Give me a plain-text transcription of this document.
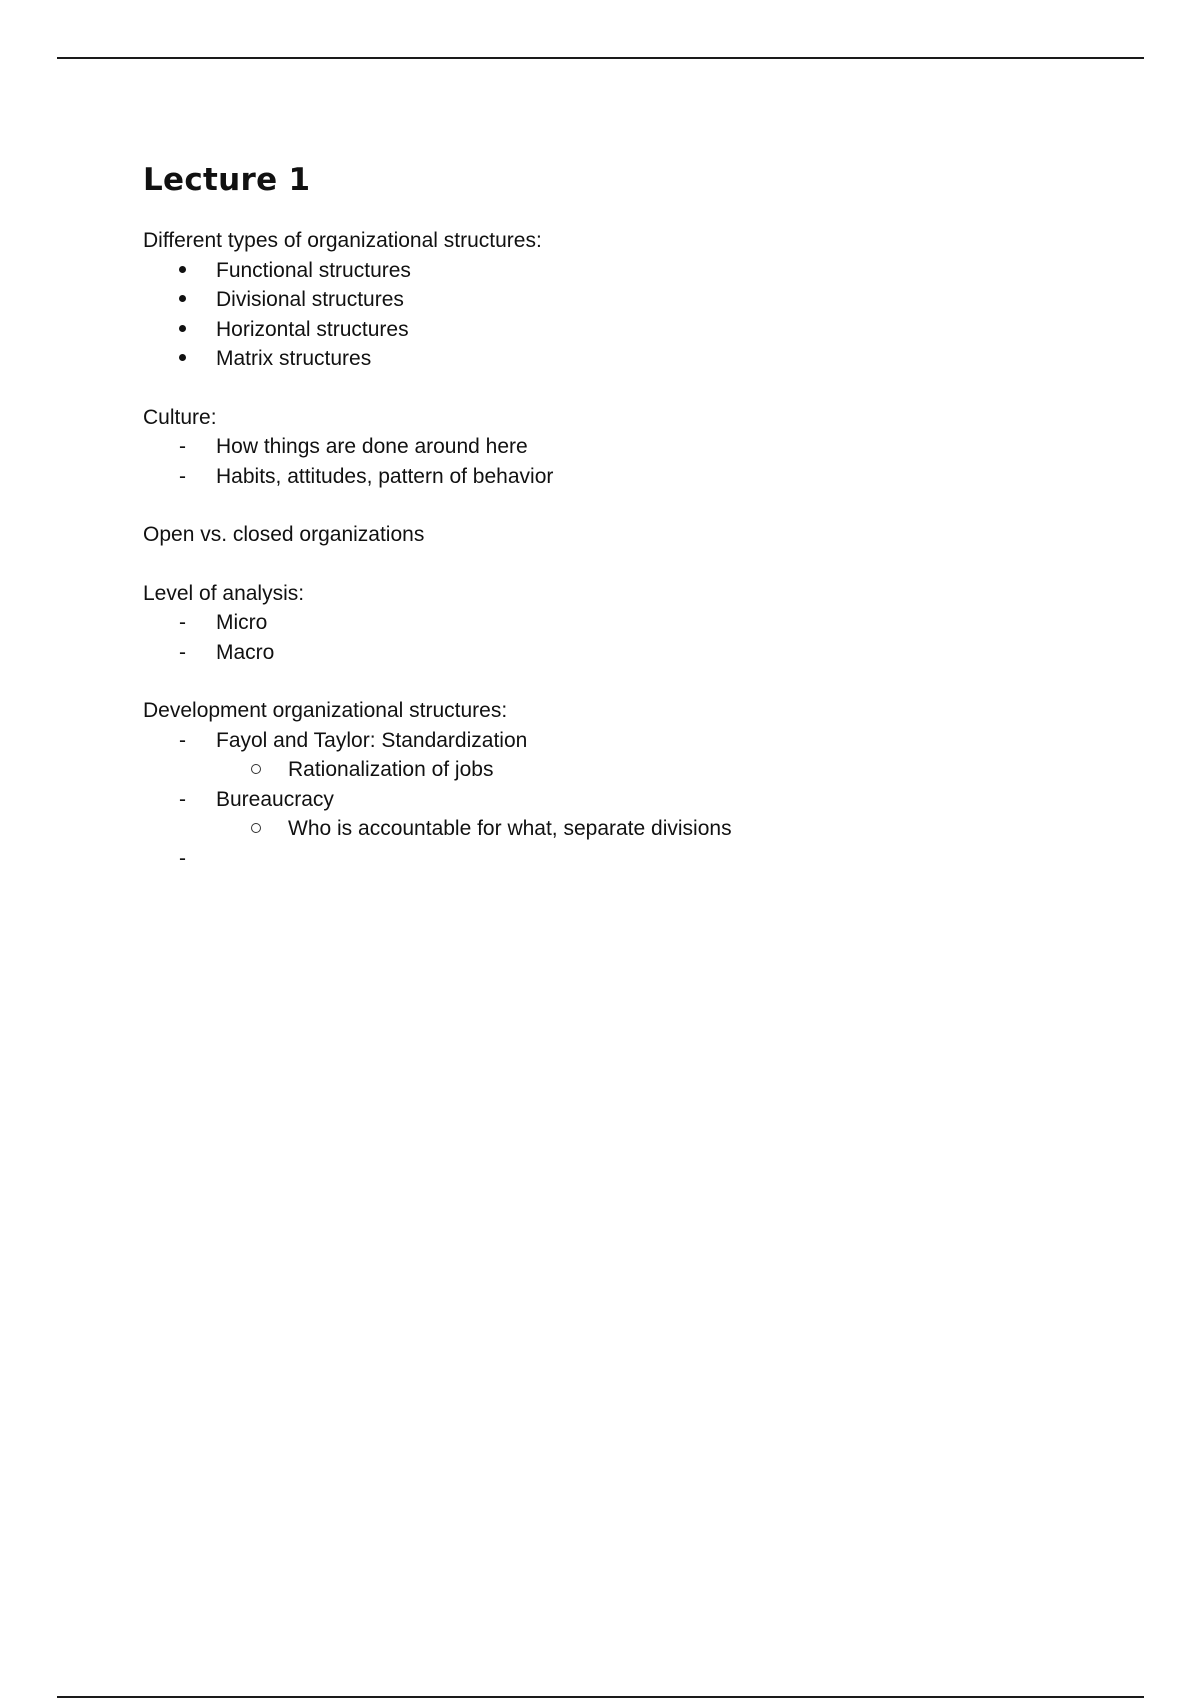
Lecture 1

Different types of organizational structures:

Functional structures
Divisional structures
Horizontal structures
Matrix structures

Culture:

- How things are done around here
- Habits, attitudes, pattern of behavior

Open vs. closed organizations

Level of analysis:

- Micro
- Macro

Development organizational structures:

- Fayol and Taylor: Standardization
Rationalization of jobs
- Bureaucracy
Who is accountable for what, separate divisions
-
